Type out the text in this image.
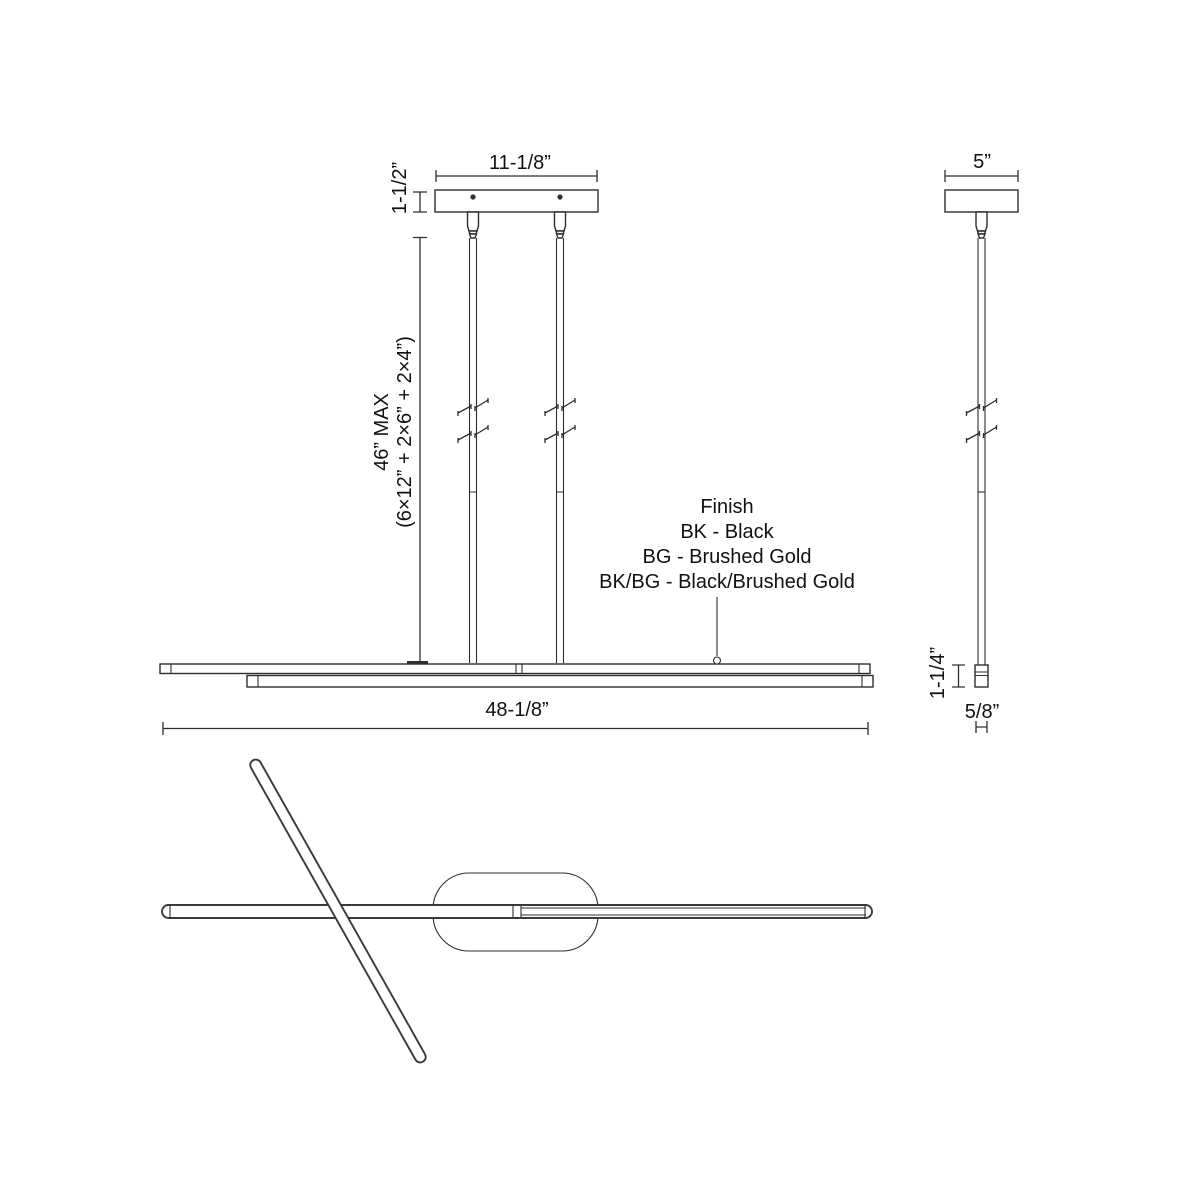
11-1/8”
1-1/2”
46” MAX (6×12” + 2×6” + 2×4”)
48-1/8”
Finish
BK - Black
BG - Brushed Gold
BK/BG - Black/Brushed Gold
5”
1-1/4”
5/8”
